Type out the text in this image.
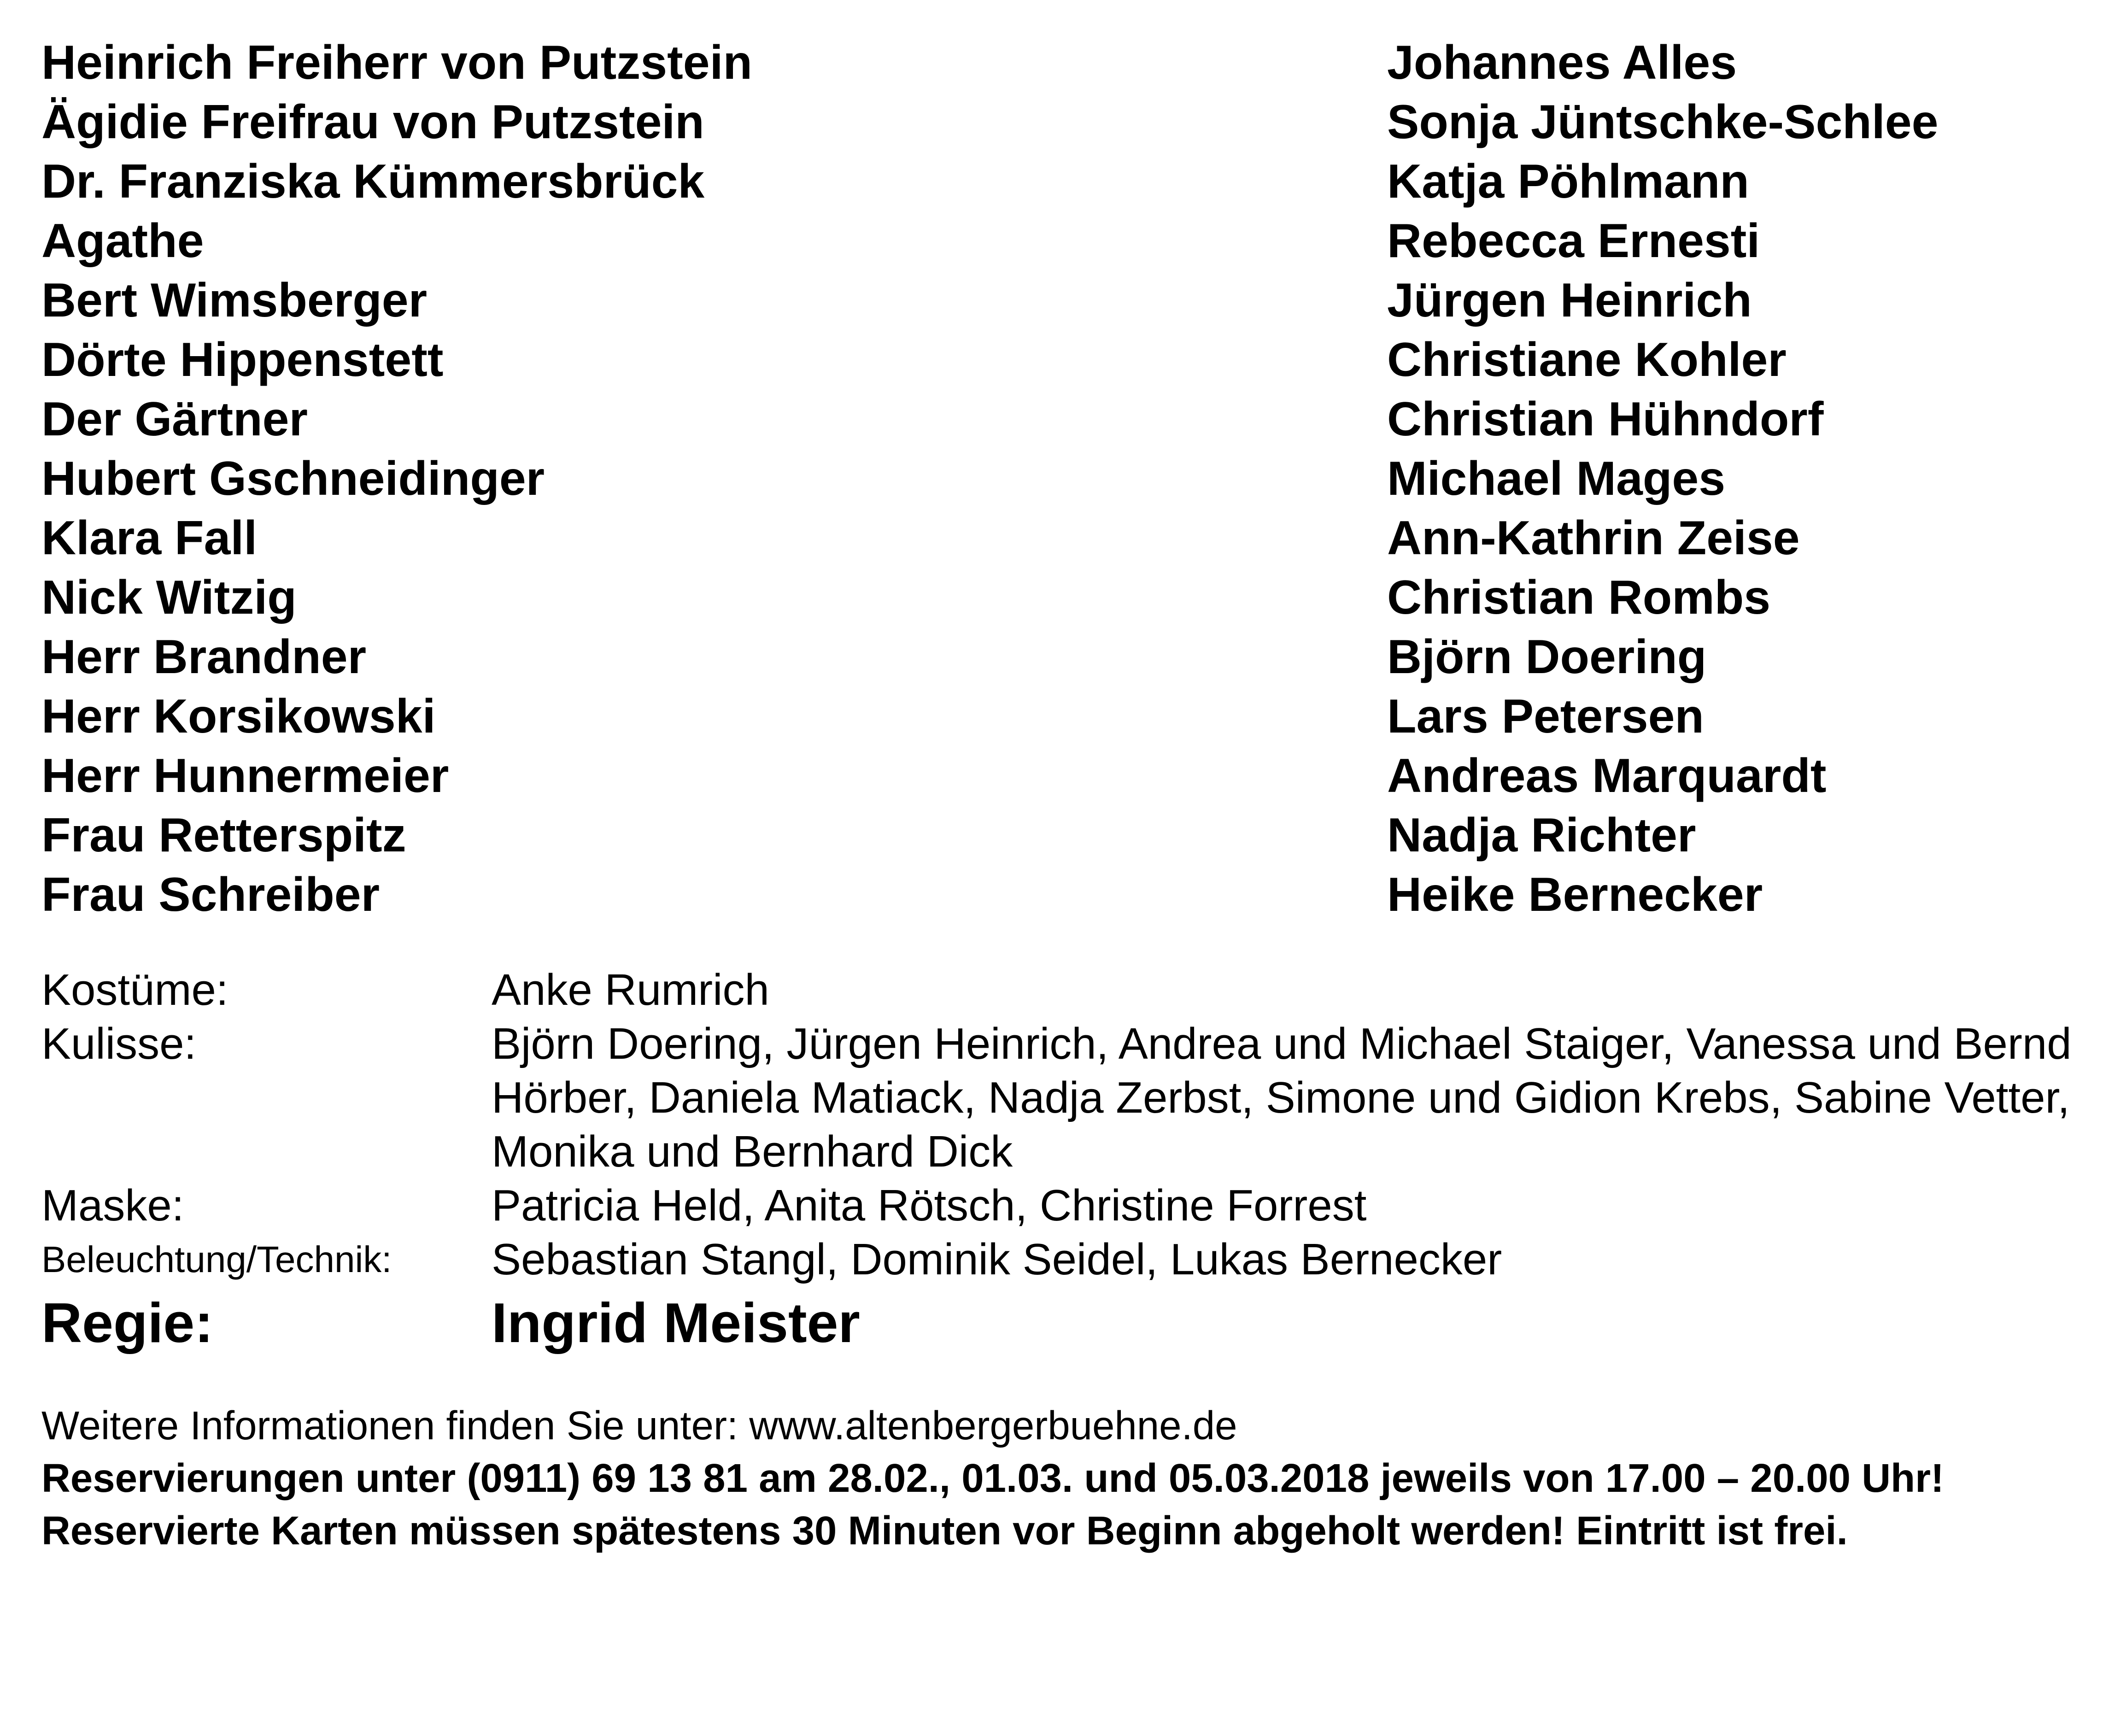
Heinrich Freiherr von Putzstein	Johannes Alles
Ägidie Freifrau von Putzstein	Sonja Jüntschke-Schlee
Dr. Franziska Kümmersbrück	Katja Pöhlmann
Agathe	Rebecca Ernesti
Bert Wimsberger	Jürgen Heinrich
Dörte Hippenstett	Christiane Kohler
Der Gärtner	Christian Hühndorf
Hubert Gschneidinger	Michael Mages
Klara Fall	Ann-Kathrin Zeise
Nick Witzig	Christian Rombs
Herr Brandner	Björn Doering
Herr Korsikowski	Lars Petersen
Herr Hunnermeier	Andreas Marquardt
Frau Retterspitz	Nadja Richter
Frau Schreiber	Heike Bernecker
Kostüme:	Anke Rumrich
Kulisse:	Björn Doering, Jürgen Heinrich, Andrea und Michael Staiger, Vanessa und Bernd Hörber, Daniela Matiack, Nadja Zerbst, Simone und Gidion Krebs, Sabine Vetter, Monika und Bernhard Dick
Maske:	Patricia Held, Anita Rötsch, Christine Forrest
Beleuchtung/Technik: Sebastian Stangl, Dominik Seidel, Lukas Bernecker
Regie:	Ingrid Meister
Weitere Informationen finden Sie unter: www.altenbergerbuehne.de
Reservierungen unter (0911) 69 13 81 am 28.02., 01.03. und 05.03.2018 jeweils von 17.00 – 20.00 Uhr!
Reservierte Karten müssen spätestens 30 Minuten vor Beginn abgeholt werden! Eintritt ist frei.
